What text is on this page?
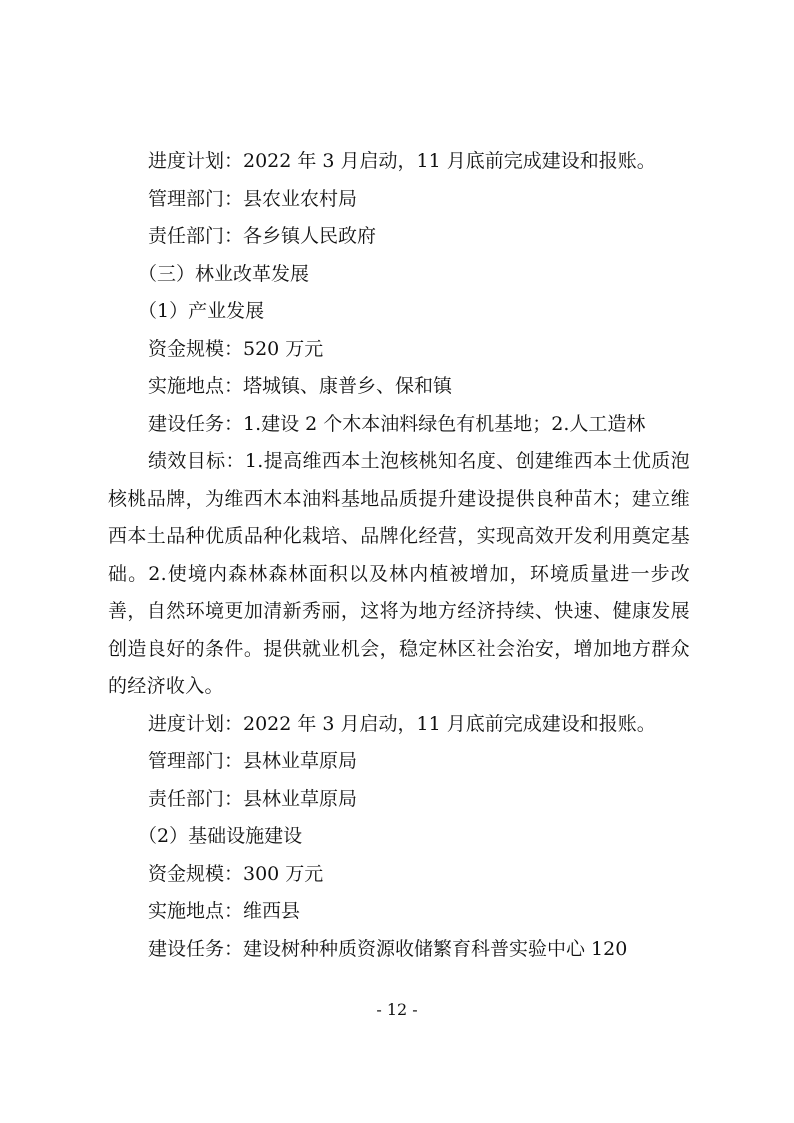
进度计划：2022 年 3 月启动，11 月底前完成建设和报账。
管理部门：县农业农村局
责任部门：各乡镇人民政府
（三）林业改革发展
（1）产业发展
资金规模：520 万元
实施地点：塔城镇、康普乡、保和镇
建设任务：1.建设 2 个木本油料绿色有机基地；2.人工造林
绩效目标：1.提高维西本土泡核桃知名度、创建维西本土优质泡核桃品牌，为维西木本油料基地品质提升建设提供良种苗木；建立维西本土品种优质品种化栽培、品牌化经营，实现高效开发利用奠定基础。2.使境内森林森林面积以及林内植被增加，环境质量进一步改善，自然环境更加清新秀丽，这将为地方经济持续、快速、健康发展创造良好的条件。提供就业机会，稳定林区社会治安，增加地方群众的经济收入。
进度计划：2022 年 3 月启动，11 月底前完成建设和报账。
管理部门：县林业草原局
责任部门：县林业草原局
（2）基础设施建设
资金规模：300 万元
实施地点：维西县
建设任务：建设树种种质资源收储繁育科普实验中心 120
- 12 -
